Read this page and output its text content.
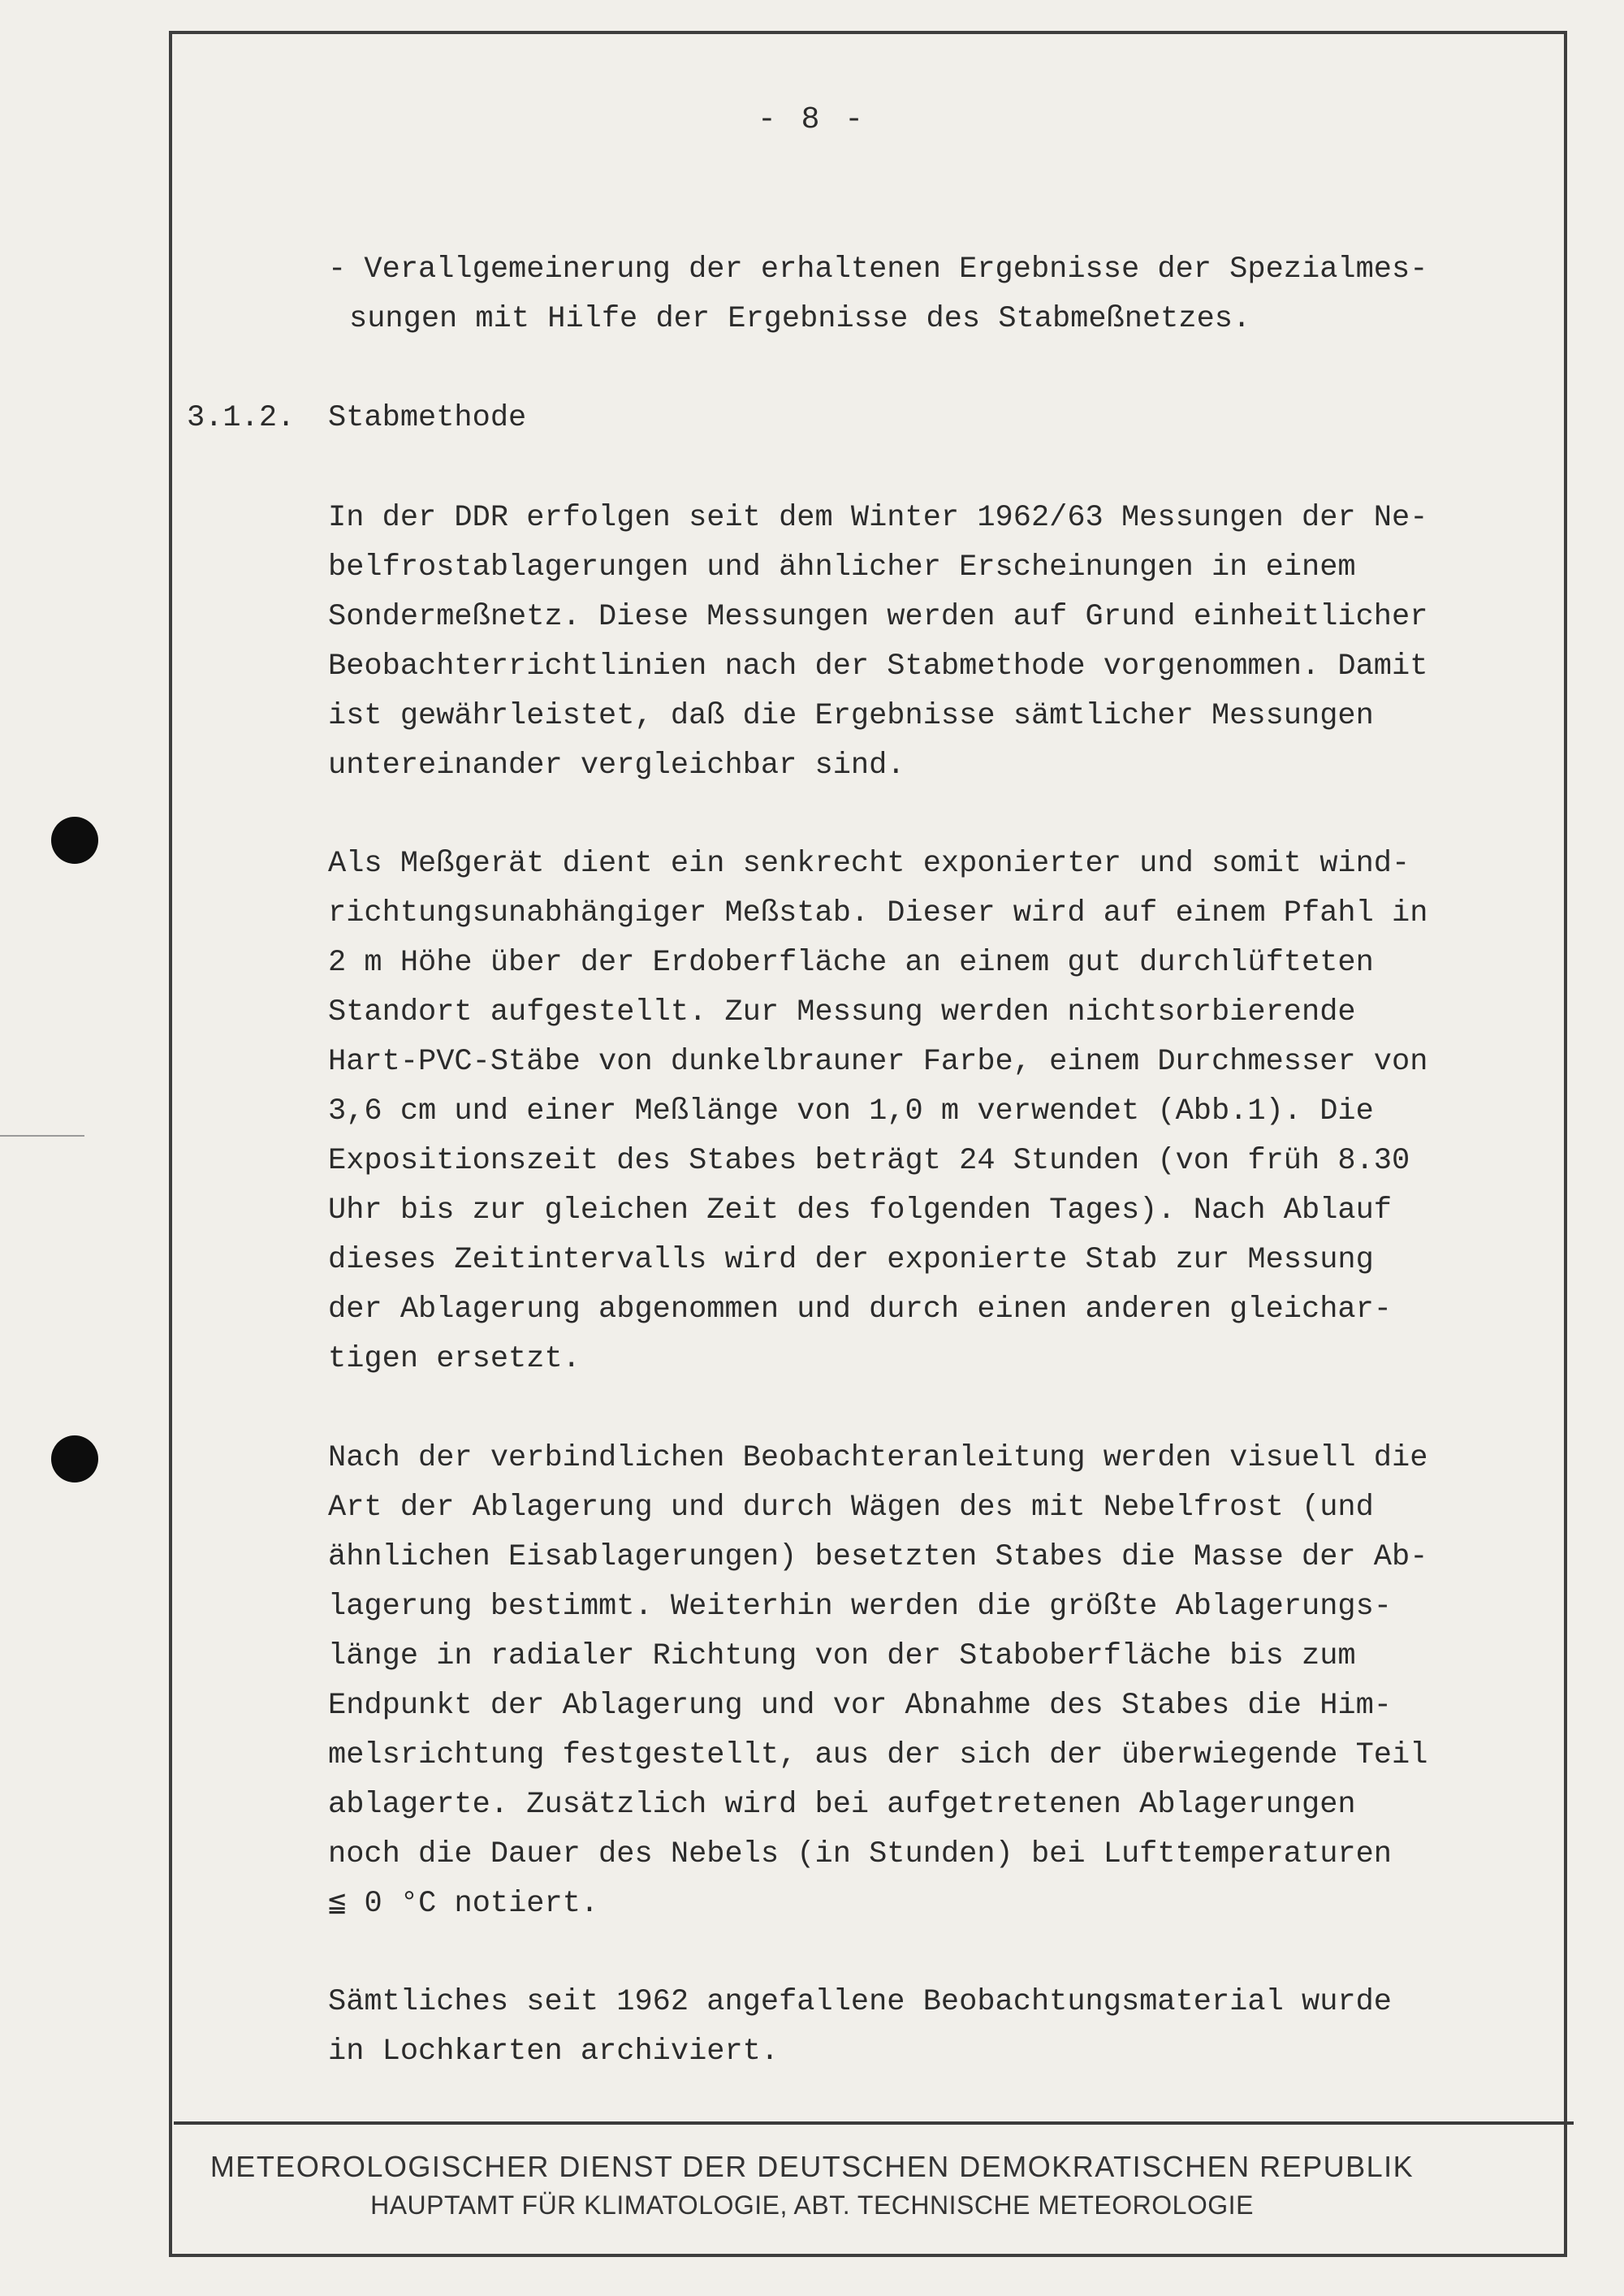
- 8 -
- Verallgemeinerung der erhaltenen Ergebnisse der Spezialmes-
sungen mit Hilfe der Ergebnisse des Stabmeßnetzes.
3.1.2. Stabmethode
In der DDR erfolgen seit dem Winter 1962/63 Messungen der Ne-
belfrostablagerungen und ähnlicher Erscheinungen in einem
Sondermeßnetz. Diese Messungen werden auf Grund einheitlicher
Beobachterrichtlinien nach der Stabmethode vorgenommen. Damit
ist gewährleistet, daß die Ergebnisse sämtlicher Messungen
untereinander vergleichbar sind.
Als Meßgerät dient ein senkrecht exponierter und somit wind-
richtungsunabhängiger Meßstab. Dieser wird auf einem Pfahl in
2 m Höhe über der Erdoberfläche an einem gut durchlüfteten
Standort aufgestellt. Zur Messung werden nichtsorbierende
Hart-PVC-Stäbe von dunkelbrauner Farbe, einem Durchmesser von
3,6 cm und einer Meßlänge von 1,0 m verwendet (Abb.1). Die
Expositionszeit des Stabes beträgt 24 Stunden (von früh 8.30
Uhr bis zur gleichen Zeit des folgenden Tages). Nach Ablauf
dieses Zeitintervalls wird der exponierte Stab zur Messung
der Ablagerung abgenommen und durch einen anderen gleichar-
tigen ersetzt.
Nach der verbindlichen Beobachteranleitung werden visuell die
Art der Ablagerung und durch Wägen des mit Nebelfrost (und
ähnlichen Eisablagerungen) besetzten Stabes die Masse der Ab-
lagerung bestimmt. Weiterhin werden die größte Ablagerungs-
länge in radialer Richtung von der Staboberfläche bis zum
Endpunkt der Ablagerung und vor Abnahme des Stabes die Him-
melsrichtung festgestellt, aus der sich der überwiegende Teil
ablagerte. Zusätzlich wird bei aufgetretenen Ablagerungen
noch die Dauer des Nebels (in Stunden) bei Lufttemperaturen
≦ 0 °C notiert.
Sämtliches seit 1962 angefallene Beobachtungsmaterial wurde
in Lochkarten archiviert.
METEOROLOGISCHER DIENST DER DEUTSCHEN DEMOKRATISCHEN REPUBLIK
HAUPTAMT FÜR KLIMATOLOGIE, ABT. TECHNISCHE METEOROLOGIE
